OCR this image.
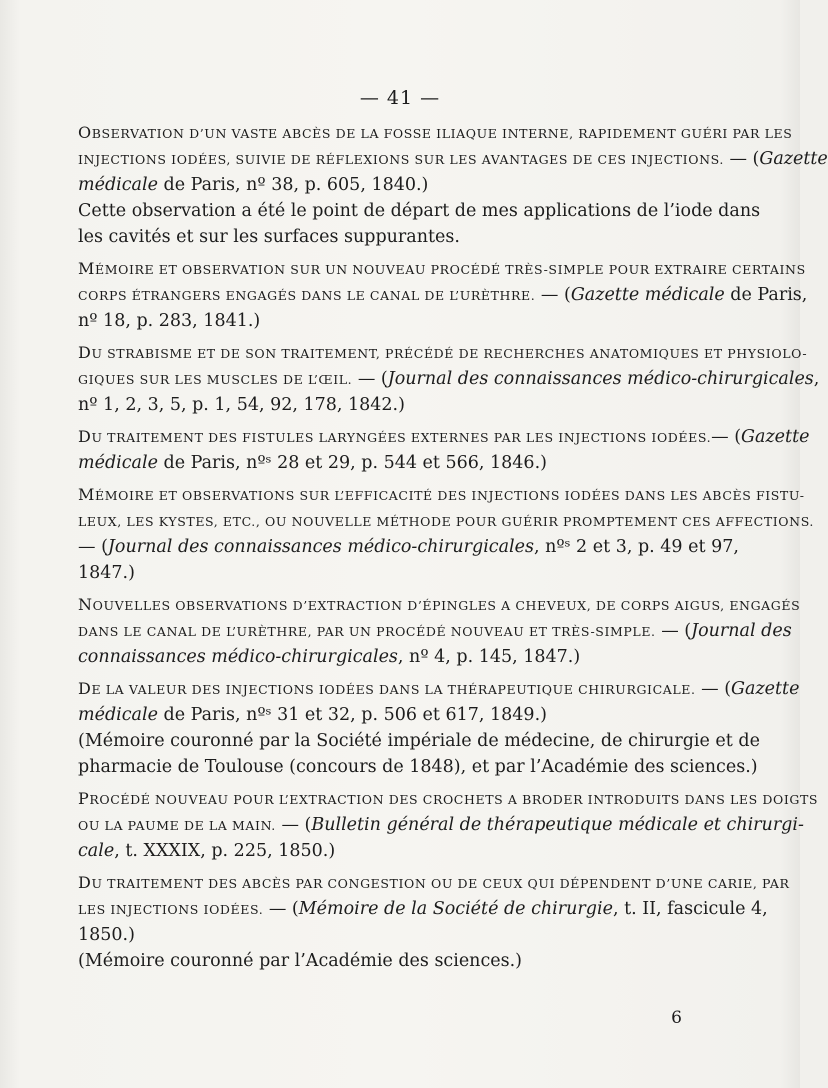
— 41 —
OBSERVATION D’UN VASTE ABCÈS DE LA FOSSE ILIAQUE INTERNE, RAPIDEMENT GUÉRI PAR LES
INJECTIONS IODÉES, SUIVIE DE RÉFLEXIONS SUR LES AVANTAGES DE CES INJECTIONS. — (Gazette
médicale de Paris, nº 38, p. 605, 1840.)
Cette observation a été le point de départ de mes applications de l’iode dans
les cavités et sur les surfaces suppurantes.
MÉMOIRE ET OBSERVATION SUR UN NOUVEAU PROCÉDÉ TRÈS-SIMPLE POUR EXTRAIRE CERTAINS
CORPS ÉTRANGERS ENGAGÉS DANS LE CANAL DE L’URÈTHRE. — (Gazette médicale de Paris,
nº 18, p. 283, 1841.)
DU STRABISME ET DE SON TRAITEMENT, PRÉCÉDÉ DE RECHERCHES ANATOMIQUES ET PHYSIOLO-
GIQUES SUR LES MUSCLES DE L’ŒIL. — (Journal des connaissances médico-chirurgicales,
nº 1, 2, 3, 5, p. 1, 54, 92, 178, 1842.)
DU TRAITEMENT DES FISTULES LARYNGÉES EXTERNES PAR LES INJECTIONS IODÉES.— (Gazette
médicale de Paris, nºˢ 28 et 29, p. 544 et 566, 1846.)
MÉMOIRE ET OBSERVATIONS SUR L’EFFICACITÉ DES INJECTIONS IODÉES DANS LES ABCÈS FISTU-
LEUX, LES KYSTES, ETC., OU NOUVELLE MÉTHODE POUR GUÉRIR PROMPTEMENT CES AFFECTIONS.
— (Journal des connaissances médico-chirurgicales, nºˢ 2 et 3, p. 49 et 97,
1847.)
NOUVELLES OBSERVATIONS D’EXTRACTION D’ÉPINGLES A CHEVEUX, DE CORPS AIGUS, ENGAGÉS
DANS LE CANAL DE L’URÈTHRE, PAR UN PROCÉDÉ NOUVEAU ET TRÈS-SIMPLE. — (Journal des
connaissances médico-chirurgicales, nº 4, p. 145, 1847.)
DE LA VALEUR DES INJECTIONS IODÉES DANS LA THÉRAPEUTIQUE CHIRURGICALE. — (Gazette
médicale de Paris, nºˢ 31 et 32, p. 506 et 617, 1849.)
(Mémoire couronné par la Société impériale de médecine, de chirurgie et de
pharmacie de Toulouse (concours de 1848), et par l’Académie des sciences.)
PROCÉDÉ NOUVEAU POUR L’EXTRACTION DES CROCHETS A BRODER INTRODUITS DANS LES DOIGTS
OU LA PAUME DE LA MAIN. — (Bulletin général de thérapeutique médicale et chirurgi-
cale, t. XXXIX, p. 225, 1850.)
DU TRAITEMENT DES ABCÈS PAR CONGESTION OU DE CEUX QUI DÉPENDENT D’UNE CARIE, PAR
LES INJECTIONS IODÉES. — (Mémoire de la Société de chirurgie, t. II, fascicule 4,
1850.)
(Mémoire couronné par l’Académie des sciences.)
6
